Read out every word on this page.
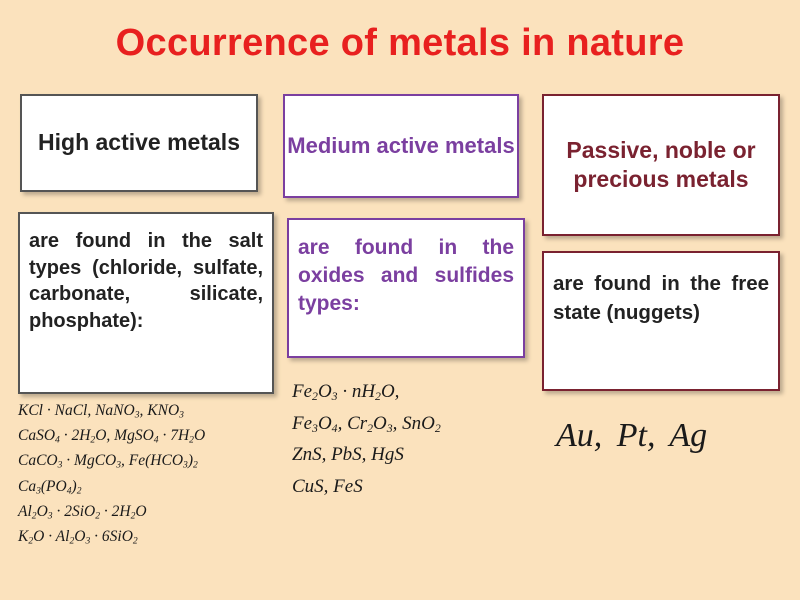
Occurrence of metals in nature
High active metals Medium active metals	Passive, noble or precious metals
are found in the salt types (chloride, sulfate, carbonate, silicate, phosphate):
are found in the oxides and sulfides types:
are found in the free state (nuggets)
KCl · NaCl, NaNO$_3$, $KNO_3$
CaSO$_4$ · $2H_2O$, MgSO$_4$ · $7H_2O$
CaCO$_3$ · MgCO$_3$, $Fe(HCO_3)_2$
$Ca_3(PO_4)_2$
$Al_2O_3 \cdot 2SiO_2 \cdot 2H_2O$
$K_2O \cdot Al_2O_3 \cdot 6SiO_2$
$Fe_2O_3 \cdot nH_2O$,
$Fe_3O_4$, $Cr_2O_3$, SnO$_2$
ZnS, PbS, HgS
CuS, FeS
Au, Pt, Ag
